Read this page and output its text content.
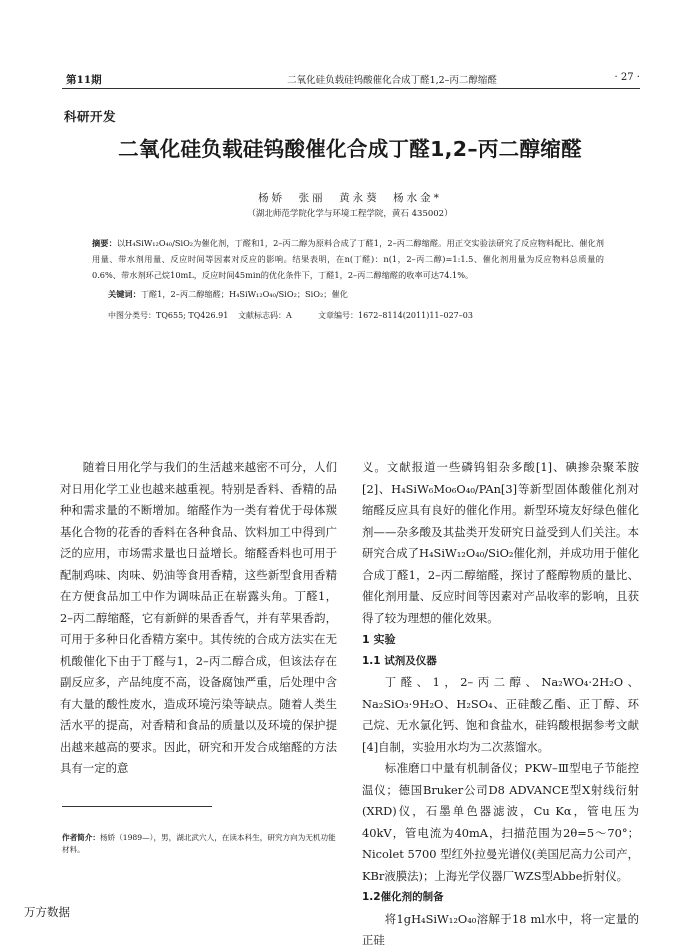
第11期	二氧化硅负载硅钨酸催化合成丁醛1,2–丙二醇缩醛	· 27 ·
科研开发
二氧化硅负载硅钨酸催化合成丁醛1,2–丙二醇缩醛
杨娇　张丽　黄永葵　杨水金*
（湖北师范学院化学与环境工程学院，黄石 435002）
摘要：以H₄SiW₁₂O₄₀/SiO₂为催化剂，丁醛和1，2–丙二醇为原料合成了丁醛1，2–丙二醇缩醛。用正交实验法研究了反应物料配比、催化剂用量、带水剂用量、反应时间等因素对反应的影响。结果表明，在n(丁醛)：n(1，2–丙二醇)=1:1.5、催化剂用量为反应物料总质量的0.6%、带水剂环己烷10mL，反应时间45min的优化条件下，丁醛1，2–丙二醇缩醛的收率可达74.1%。
关键词：丁醛1，2–丙二醇缩醛；H₄SiW₁₂O₄₀/SiO₂；SiO₂；催化
中图分类号：TQ655; TQ426.91 文献标志码：A	文章编号：1672–8114(2011)11–027–03

随着日用化学与我们的生活越来越密不可分，人们对日用化学工业也越来越重视。特别是香料、香精的品种和需求量的不断增加。缩醛作为一类有着优于母体羰基化合物的花香的香料在各种食品、饮料加工中得到广泛的应用，市场需求量也日益增长。缩醛香料也可用于配制鸡味、肉味、奶油等食用香精，这些新型食用香精在方便食品加工中作为调味品正在崭露头角。丁醛1，2–丙二醇缩醛，它有新鲜的果香香气，并有苹果香韵，可用于多种日化香精方案中。其传统的合成方法实在无机酸催化下由于丁醛与1，2–丙二醇合成，但该法存在副反应多，产品纯度不高，设备腐蚀严重，后处理中含有大量的酸性废水，造成环境污染等缺点。随着人类生活水平的提高，对香精和食品的质量以及环境的保护提出越来越高的要求。因此，研究和开发合成缩醛的方法具有一定的意

义。文献报道一些磷钨钼杂多酸[1]、碘掺杂聚苯胺[2]、H₄SiW₆Mo₆O₄₀/PAn[3]等新型固体酸催化剂对缩醛反应具有良好的催化作用。新型环境友好绿色催化剂——杂多酸及其盐类开发研究日益受到人们关注。本研究合成了H₄SiW₁₂O₄₀/SiO₂催化剂，并成功用于催化合成丁醛1，2–丙二醇缩醛，探讨了醛醇物质的量比、催化剂用量、反应时间等因素对产品收率的影响，且获得了较为理想的催化效果。

1 实验

1.1 试剂及仪器

丁醛、1，2–丙二醇、Na₂WO₄·2H₂O、Na₂SiO₃·9H₂O、H₂SO₄、正硅酸乙酯、正丁醇、环己烷、无水氯化钙、饱和食盐水，硅钨酸根据参考文献[4]自制，实验用水均为二次蒸馏水。

标准磨口中量有机制备仪；PKW–Ⅲ型电子节能控温仪；德国Bruker公司D8 ADVANCE型X射线衍射(XRD)仪，石墨单色器滤波，Cu Kα，管电压为40kV，管电流为40mA，扫描范围为2θ=5～70°；Nicolet 5700 型红外拉曼光谱仪(美国尼高力公司产，KBr液膜法)；上海光学仪器厂WZS型Abbe折射仪。

1.2催化剂的制备

将1gH₄SiW₁₂O₄₀溶解于18 ml水中，将一定量的正硅

作者简介：杨娇（1989—），男，湖北武穴人，在读本科生，研究方向为无机功能材料。
万方数据
